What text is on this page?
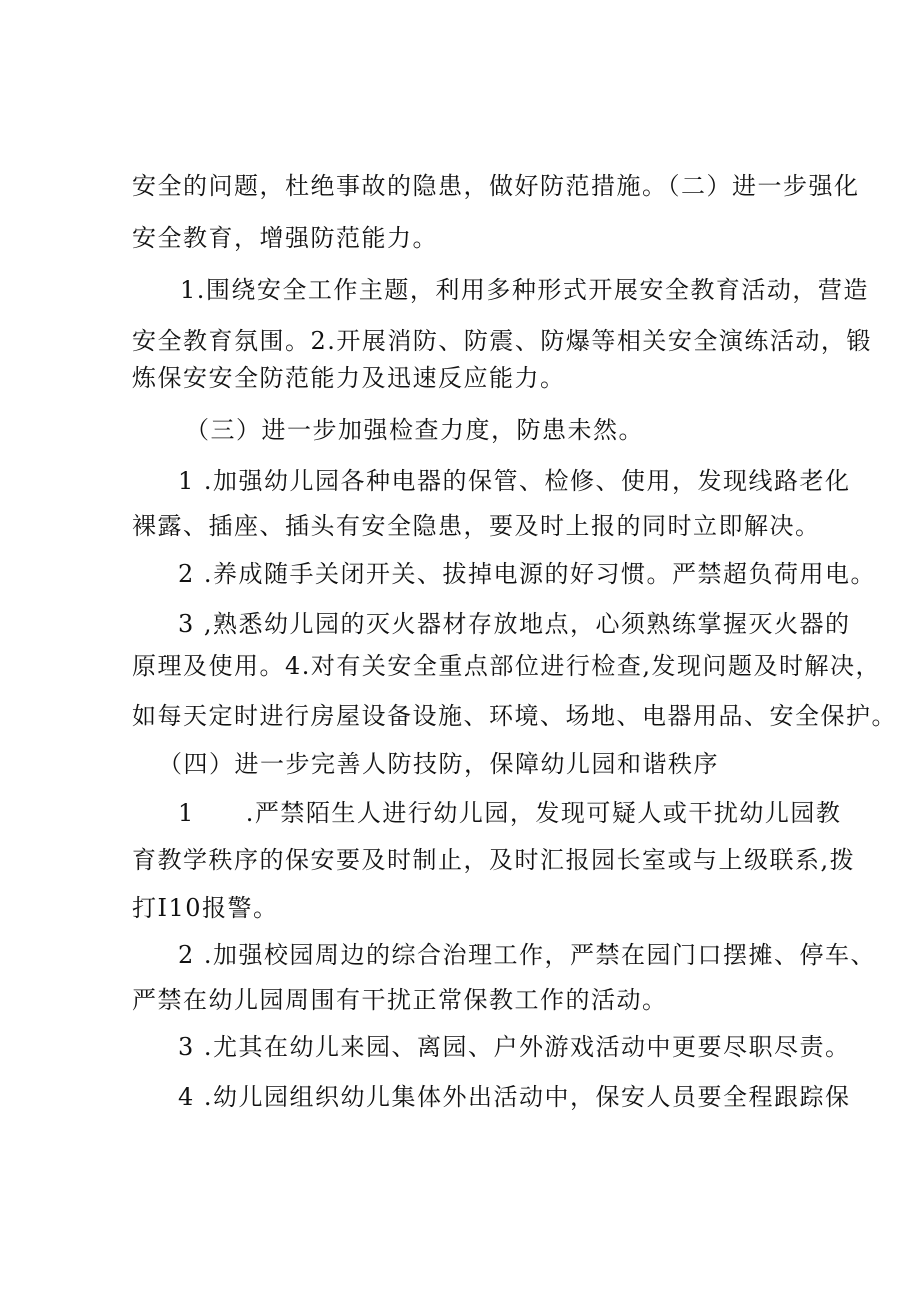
安全的问题，杜绝事故的隐患，做好防范措施。（二）进一步强化
安全教育，增强防范能力。
1.围绕安全工作主题，利用多种形式开展安全教育活动，营造
安全教育氛围。2.开展消防、防震、防爆等相关安全演练活动，锻
炼保安安全防范能力及迅速反应能力。
（三）进一步加强检查力度，防患未然。
1 .加强幼儿园各种电器的保管、检修、使用，发现线路老化
裸露、插座、插头有安全隐患，要及时上报的同时立即解决。
2 .养成随手关闭开关、拔掉电源的好习惯。严禁超负荷用电。
3 ,熟悉幼儿园的灭火器材存放地点，心须熟练掌握灭火器的
原理及使用。4.对有关安全重点部位进行检查,发现问题及时解决，
如每天定时进行房屋设备设施、环境、场地、电器用品、安全保护。
（四）进一步完善人防技防，保障幼儿园和谐秩序
1　　.严禁陌生人进行幼儿园，发现可疑人或干扰幼儿园教
育教学秩序的保安要及时制止，及时汇报园长室或与上级联系,拨
打I10报警。
2 .加强校园周边的综合治理工作，严禁在园门口摆摊、停车、
严禁在幼儿园周围有干扰正常保教工作的活动。
3 .尤其在幼儿来园、离园、户外游戏活动中更要尽职尽责。
4 .幼儿园组织幼儿集体外出活动中，保安人员要全程跟踪保
